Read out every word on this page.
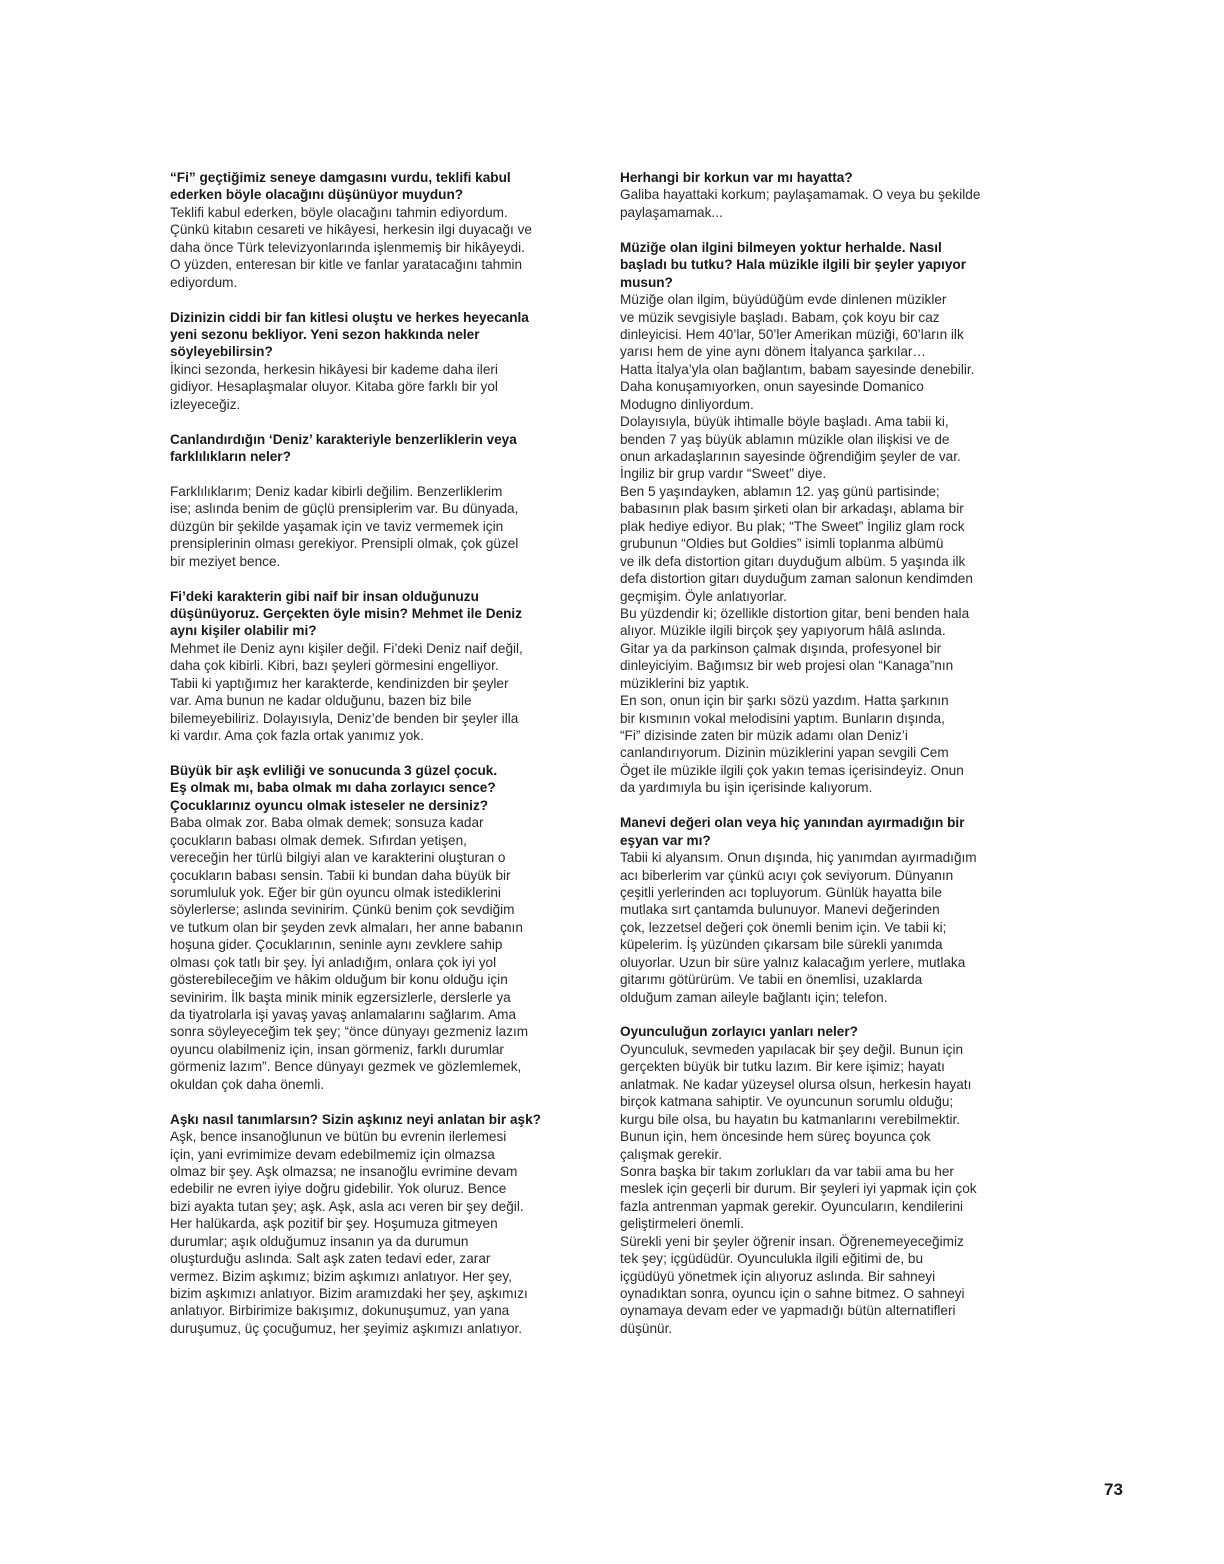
“Fi” geçtiğimiz seneye damgasını vurdu, teklifi kabul
ederken böyle olacağını düşünüyor muydun?
Teklifi kabul ederken, böyle olacağını tahmin ediyordum.
Çünkü kitabın cesareti ve hikâyesi, herkesin ilgi duyacağı ve
daha önce Türk televizyonlarında işlenmemiş bir hikâyeydi.
O yüzden, enteresan bir kitle ve fanlar yaratacağını tahmin
ediyordum.
Dizinizin ciddi bir fan kitlesi oluştu ve herkes heyecanla
yeni sezonu bekliyor. Yeni sezon hakkında neler
söyleyebilirsin?
İkinci sezonda, herkesin hikâyesi bir kademe daha ileri
gidiyor. Hesaplaşmalar oluyor. Kitaba göre farklı bir yol
izleyeceğiz.
Canlandırdığın ‘Deniz’ karakteriyle benzerliklerin veya
farklılıkların neler?
Farklılıklarım; Deniz kadar kibirli değilim. Benzerliklerim
ise; aslında benim de güçlü prensiplerim var. Bu dünyada,
düzgün bir şekilde yaşamak için ve taviz vermemek için
prensiplerinin olması gerekiyor. Prensipli olmak, çok güzel
bir meziyet bence.
Fi’deki karakterin gibi naif bir insan olduğunuzu
düşünüyoruz. Gerçekten öyle misin? Mehmet ile Deniz
aynı kişiler olabilir mi?
Mehmet ile Deniz aynı kişiler değil. Fi’deki Deniz naif değil,
daha çok kibirli. Kibri, bazı şeyleri görmesini engelliyor.
Tabii ki yaptığımız her karakterde, kendinizden bir şeyler
var. Ama bunun ne kadar olduğunu, bazen biz bile
bilemeyebiliriz. Dolayısıyla, Deniz’de benden bir şeyler illa
ki vardır. Ama çok fazla ortak yanımız yok.
Büyük bir aşk evliliği ve sonucunda 3 güzel çocuk.
Eş olmak mı, baba olmak mı daha zorlayıcı sence?
Çocuklarınız oyuncu olmak isteseler ne dersiniz?
Baba olmak zor. Baba olmak demek; sonsuza kadar
çocukların babası olmak demek. Sıfırdan yetişen,
vereceğin her türlü bilgiyi alan ve karakterini oluşturan o
çocukların babası sensin. Tabii ki bundan daha büyük bir
sorumluluk yok. Eğer bir gün oyuncu olmak istediklerini
söylerlerse; aslında sevinirim. Çünkü benim çok sevdiğim
ve tutkum olan bir şeyden zevk almaları, her anne babanın
hoşuna gider. Çocuklarının, seninle aynı zevklere sahip
olması çok tatlı bir şey. İyi anladığım, onlara çok iyi yol
gösterebileceğim ve hâkim olduğum bir konu olduğu için
sevinirim. İlk başta minik minik egzersizlerle, derslerle ya
da tiyatrolarla işi yavaş yavaş anlamalarını sağlarım. Ama
sonra söyleyeceğim tek şey; “önce dünyayı gezmeniz lazım
oyuncu olabilmeniz için, insan görmeniz, farklı durumlar
görmeniz lazım”. Bence dünyayı gezmek ve gözlemlemek,
okuldan çok daha önemli.
Aşkı nasıl tanımlarsın? Sizin aşkınız neyi anlatan bir aşk?
Aşk, bence insanoğlunun ve bütün bu evrenin ilerlemesi
için, yani evrimimize devam edebilmemiz için olmazsa
olmaz bir şey. Aşk olmazsa; ne insanoğlu evrimine devam
edebilir ne evren iyiye doğru gidebilir. Yok oluruz. Bence
bizi ayakta tutan şey; aşk. Aşk, asla acı veren bir şey değil.
Her halükarda, aşk pozitif bir şey. Hoşumuza gitmeyen
durumlar; aşık olduğumuz insanın ya da durumun
oluşturduğu aslında. Salt aşk zaten tedavi eder, zarar
vermez. Bizim aşkımız; bizim aşkımızı anlatıyor. Her şey,
bizim aşkımızı anlatıyor. Bizim aramızdaki her şey, aşkımızı
anlatıyor. Birbirimize bakışımız, dokunuşumuz, yan yana
duruşumuz, üç çocuğumuz, her şeyimiz aşkımızı anlatıyor.
Herhangi bir korkun var mı hayatta?
Galiba hayattaki korkum; paylaşamamak. O veya bu şekilde
paylaşamamak...
Müziğe olan ilgini bilmeyen yoktur herhalde. Nasıl
başladı bu tutku? Hala müzikle ilgili bir şeyler yapıyor
musun?
Müziğe olan ilgim, büyüdüğüm evde dinlenen müzikler
ve müzik sevgisiyle başladı. Babam, çok koyu bir caz
dinleyicisi. Hem 40’lar, 50’ler Amerikan müziği, 60’ların ilk
yarısı hem de yine aynı dönem İtalyanca şarkılar…
Hatta İtalya’yla olan bağlantım, babam sayesinde denebilir.
Daha konuşamıyorken, onun sayesinde Domanico
Modugno dinliyordum.
Dolayısıyla, büyük ihtimalle böyle başladı. Ama tabii ki,
benden 7 yaş büyük ablamın müzikle olan ilişkisi ve de
onun arkadaşlarının sayesinde öğrendiğim şeyler de var.
İngiliz bir grup vardır “Sweet” diye.
Ben 5 yaşındayken, ablamın 12. yaş günü partisinde;
babasının plak basım şirketi olan bir arkadaşı, ablama bir
plak hediye ediyor. Bu plak; “The Sweet” İngiliz glam rock
grubunun “Oldies but Goldies” isimli toplanma albümü
ve ilk defa distortion gitarı duyduğum albüm. 5 yaşında ilk
defa distortion gitarı duyduğum zaman salonun kendimden
geçmişim. Öyle anlatıyorlar.
Bu yüzdendir ki; özellikle distortion gitar, beni benden hala
alıyor. Müzikle ilgili birçok şey yapıyorum hâlâ aslında.
Gitar ya da parkinson çalmak dışında, profesyonel bir
dinleyiciyim. Bağımsız bir web projesi olan “Kanaga”nın
müziklerini biz yaptık.
En son, onun için bir şarkı sözü yazdım. Hatta şarkının
bir kısmının vokal melodisini yaptım. Bunların dışında,
“Fi” dizisinde zaten bir müzik adamı olan Deniz’i
canlandırıyorum. Dizinin müziklerini yapan sevgili Cem
Öget ile müzikle ilgili çok yakın temas içerisindeyiz. Onun
da yardımıyla bu işin içerisinde kalıyorum.
Manevi değeri olan veya hiç yanından ayırmadığın bir
eşyan var mı?
Tabii ki alyansım. Onun dışında, hiç yanımdan ayırmadığım
acı biberlerim var çünkü acıyı çok seviyorum. Dünyanın
çeşitli yerlerinden acı topluyorum. Günlük hayatta bile
mutlaka sırt çantamda bulunuyor. Manevi değerinden
çok, lezzetsel değeri çok önemli benim için. Ve tabii ki;
küpelerim. İş yüzünden çıkarsam bile sürekli yanımda
oluyorlar. Uzun bir süre yalnız kalacağım yerlere, mutlaka
gitarımı götürürüm. Ve tabii en önemlisi, uzaklarda
olduğum zaman aileyle bağlantı için; telefon.
Oyunculuğun zorlayıcı yanları neler?
Oyunculuk, sevmeden yapılacak bir şey değil. Bunun için
gerçekten büyük bir tutku lazım. Bir kere işimiz; hayatı
anlatmak. Ne kadar yüzeysel olursa olsun, herkesin hayatı
birçok katmana sahiptir. Ve oyuncunun sorumlu olduğu;
kurgu bile olsa, bu hayatın bu katmanlarını verebilmektir.
Bunun için, hem öncesinde hem süreç boyunca çok
çalışmak gerekir.
Sonra başka bir takım zorlukları da var tabii ama bu her
meslek için geçerli bir durum. Bir şeyleri iyi yapmak için çok
fazla antrenman yapmak gerekir. Oyuncuların, kendilerini
geliştirmeleri önemli.
Sürekli yeni bir şeyler öğrenir insan. Öğrenemeyeceğimiz
tek şey; içgüdüdür. Oyunculukla ilgili eğitimi de, bu
içgüdüyü yönetmek için alıyoruz aslında. Bir sahneyi
oynadıktan sonra, oyuncu için o sahne bitmez. O sahneyi
oynamaya devam eder ve yapmadığı bütün alternatifleri
düşünür.
73
